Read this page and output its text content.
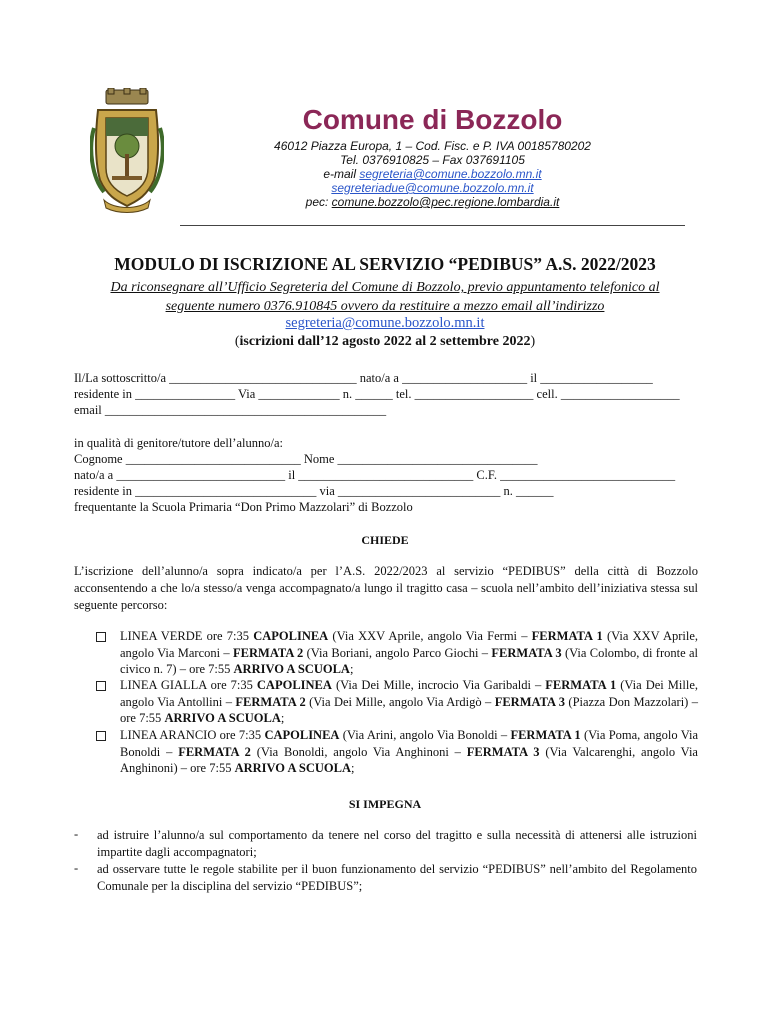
Comune di Bozzolo
46012 Piazza Europa, 1 – Cod. Fisc. e P. IVA 00185780202
Tel. 0376910825 – Fax 037691105
e-mail segreteria@comune.bozzolo.mn.it
segreteriadue@comune.bozzolo.mn.it
pec: comune.bozzolo@pec.regione.lombardia.it
MODULO DI ISCRIZIONE AL SERVIZIO “PEDIBUS” A.S. 2022/2023
Da riconsegnare all’Ufficio Segreteria del Comune di Bozzolo, previo appuntamento telefonico al
seguente numero 0376.910845 ovvero da restituire a mezzo email all’indirizzo
segreteria@comune.bozzolo.mn.it
(iscrizioni dall’12 agosto 2022 al 2 settembre 2022)
Il/La sottoscritto/a ______________________________ nato/a a ____________________ il __________________
residente in ________________ Via _____________ n. ______ tel. ___________________ cell. ___________________
email _____________________________________________
in qualità di genitore/tutore dell’alunno/a:
Cognome ____________________________ Nome ________________________________
nato/a a ___________________________ il ____________________________ C.F. ____________________________
residente in _____________________________ via __________________________ n. ______
frequentante la Scuola Primaria “Don Primo Mazzolari” di Bozzolo
CHIEDE
L’iscrizione dell’alunno/a sopra indicato/a per l’A.S. 2022/2023 al servizio “PEDIBUS” della città di Bozzolo acconsentendo a che lo/a stesso/a venga accompagnato/a lungo il tragitto casa – scuola nell’ambito dell’iniziativa stessa sul seguente percorso:
LINEA VERDE ore 7:35 CAPOLINEA (Via XXV Aprile, angolo Via Fermi – FERMATA 1 (Via XXV Aprile, angolo Via Marconi – FERMATA 2 (Via Boriani, angolo Parco Giochi – FERMATA 3 (Via Colombo, di fronte al civico n. 7) – ore 7:55 ARRIVO A SCUOLA;
LINEA GIALLA ore 7:35 CAPOLINEA (Via Dei Mille, incrocio Via Garibaldi – FERMATA 1 (Via Dei Mille, angolo Via Antollini – FERMATA 2 (Via Dei Mille, angolo Via Ardigò – FERMATA 3 (Piazza Don Mazzolari) – ore 7:55 ARRIVO A SCUOLA;
LINEA ARANCIO ore 7:35 CAPOLINEA (Via Arini, angolo Via Bonoldi – FERMATA 1 (Via Poma, angolo Via Bonoldi – FERMATA 2 (Via Bonoldi, angolo Via Anghinoni – FERMATA 3 (Via Valcarenghi, angolo Via Anghinoni) – ore 7:55 ARRIVO A SCUOLA;
SI IMPEGNA
- ad istruire l’alunno/a sul comportamento da tenere nel corso del tragitto e sulla necessità di attenersi alle istruzioni impartite dagli accompagnatori;
- ad osservare tutte le regole stabilite per il buon funzionamento del servizio “PEDIBUS” nell’ambito del Regolamento Comunale per la disciplina del servizio “PEDIBUS”;
